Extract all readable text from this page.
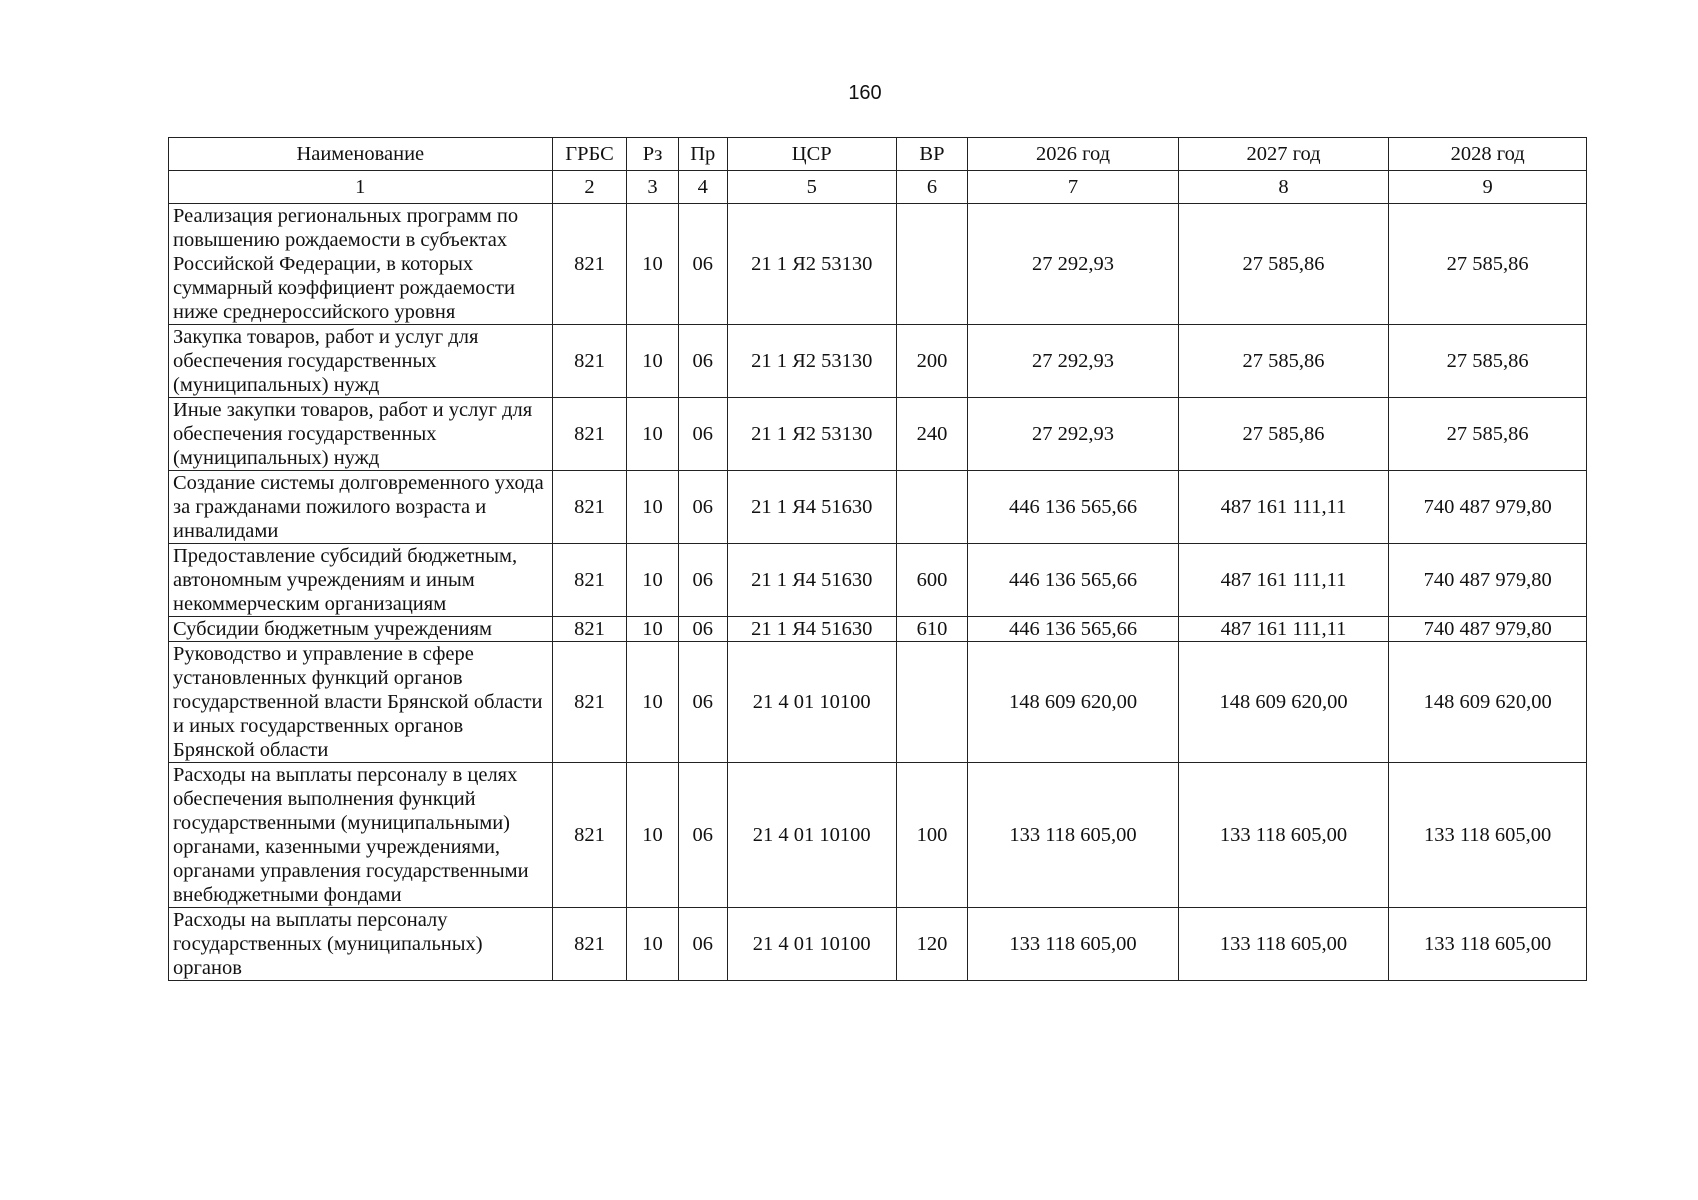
160
Наименование	ГРБС	Рз	Пр	ЦСР	ВР	2026 год	2027 год	2028 год
1	2	3	4	5	6	7	8	9
Реализация региональных программ по повышению рождаемости в субъектах Российской Федерации, в которых суммарный коэффициент рождаемости ниже среднероссийского уровня	821	10	06	21 1 Я2 53130		27 292,93	27 585,86	27 585,86
Закупка товаров, работ и услуг для обеспечения государственных (муниципальных) нужд	821	10	06	21 1 Я2 53130	200	27 292,93	27 585,86	27 585,86
Иные закупки товаров, работ и услуг для обеспечения государственных (муниципальных) нужд	821	10	06	21 1 Я2 53130	240	27 292,93	27 585,86	27 585,86
Создание системы долговременного ухода за гражданами пожилого возраста и инвалидами	821	10	06	21 1 Я4 51630		446 136 565,66	487 161 111,11	740 487 979,80
Предоставление субсидий бюджетным, автономным учреждениям и иным некоммерческим организациям	821	10	06	21 1 Я4 51630	600	446 136 565,66	487 161 111,11	740 487 979,80
Субсидии бюджетным учреждениям	821	10	06	21 1 Я4 51630	610	446 136 565,66	487 161 111,11	740 487 979,80
Руководство и управление в сфере установленных функций органов государственной власти Брянской области и иных государственных органов Брянской области	821	10	06	21 4 01 10100		148 609 620,00	148 609 620,00	148 609 620,00
Расходы на выплаты персоналу в целях обеспечения выполнения функций государственными (муниципальными) органами, казенными учреждениями, органами управления государственными внебюджетными фондами	821	10	06	21 4 01 10100	100	133 118 605,00	133 118 605,00	133 118 605,00
Расходы на выплаты персоналу государственных (муниципальных) органов	821	10	06	21 4 01 10100	120	133 118 605,00	133 118 605,00	133 118 605,00
